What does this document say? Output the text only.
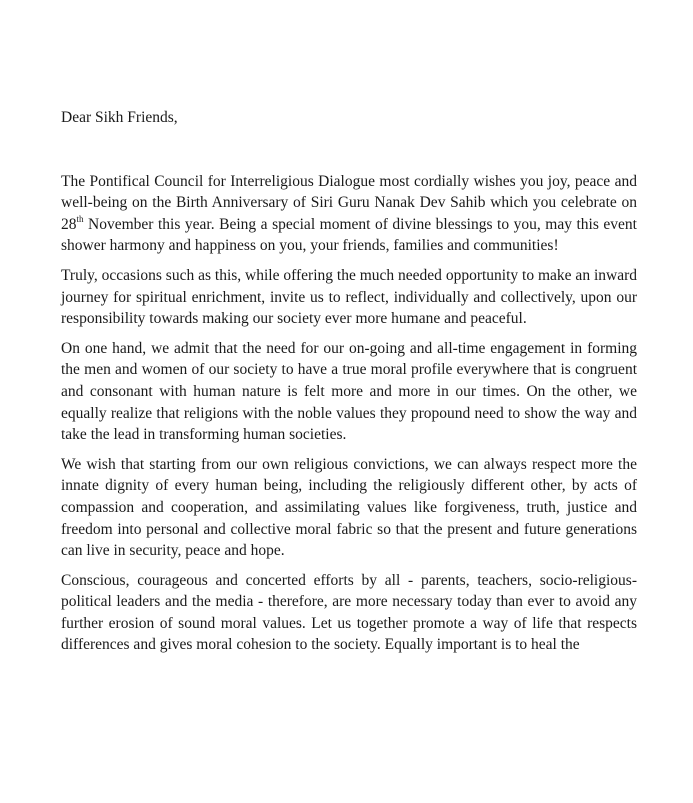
Dear Sikh Friends,

The Pontifical Council for Interreligious Dialogue most cordially wishes you joy, peace and well-being on the Birth Anniversary of Siri Guru Nanak Dev Sahib which you celebrate on 28th November this year. Being a special moment of divine blessings to you, may this event shower harmony and happiness on you, your friends, families and communities!

Truly, occasions such as this, while offering the much needed opportunity to make an inward journey for spiritual enrichment, invite us to reflect, individually and collectively, upon our responsibility towards making our society ever more humane and peaceful.

On one hand, we admit that the need for our on-going and all-time engagement in forming the men and women of our society to have a true moral profile everywhere that is congruent and consonant with human nature is felt more and more in our times. On the other, we equally realize that religions with the noble values they propound need to show the way and take the lead in transforming human societies.

We wish that starting from our own religious convictions, we can always respect more the innate dignity of every human being, including the religiously different other, by acts of compassion and cooperation, and assimilating values like forgiveness, truth, justice and freedom into personal and collective moral fabric so that the present and future generations can live in security, peace and hope.

Conscious, courageous and concerted efforts by all - parents, teachers, socio-religious-political leaders and the media - therefore, are more necessary today than ever to avoid any further erosion of sound moral values. Let us together promote a way of life that respects differences and gives moral cohesion to the society. Equally important is to heal the
